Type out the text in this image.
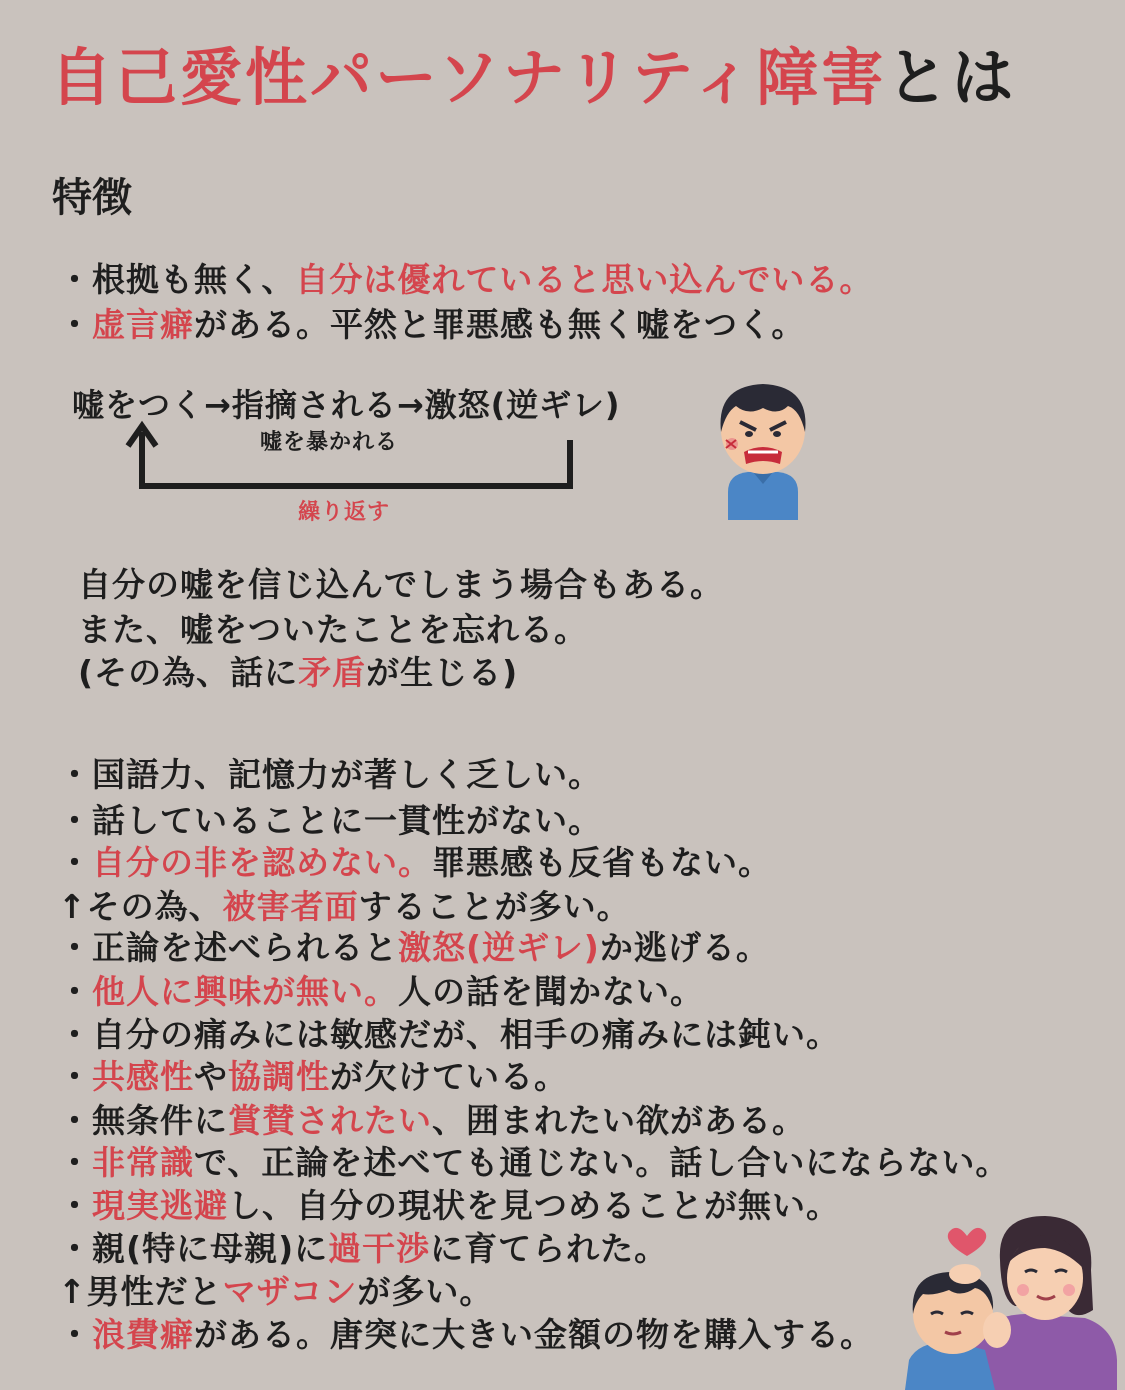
自己愛性パーソナリティ障害とは
特徴
・根拠も無く、自分は優れていると思い込んでいる。
・虚言癖がある。平然と罪悪感も無く嘘をつく。
嘘をつく→指摘される→激怒(逆ギレ)
嘘を暴かれる
繰り返す
自分の嘘を信じ込んでしまう場合もある。
また、嘘をついたことを忘れる。
(その為、話に矛盾が生じる)
・国語力、記憶力が著しく乏しい。
・話していることに一貫性がない。
・自分の非を認めない。罪悪感も反省もない。
↑その為、被害者面することが多い。
・正論を述べられると激怒(逆ギレ)か逃げる。
・他人に興味が無い。人の話を聞かない。
・自分の痛みには敏感だが、相手の痛みには鈍い。
・共感性や協調性が欠けている。
・無条件に賞賛されたい、囲まれたい欲がある。
・非常識で、正論を述べても通じない。話し合いにならない。
・現実逃避し、自分の現状を見つめることが無い。
・親(特に母親)に過干渉に育てられた。
↑男性だとマザコンが多い。
・浪費癖がある。唐突に大きい金額の物を購入する。
